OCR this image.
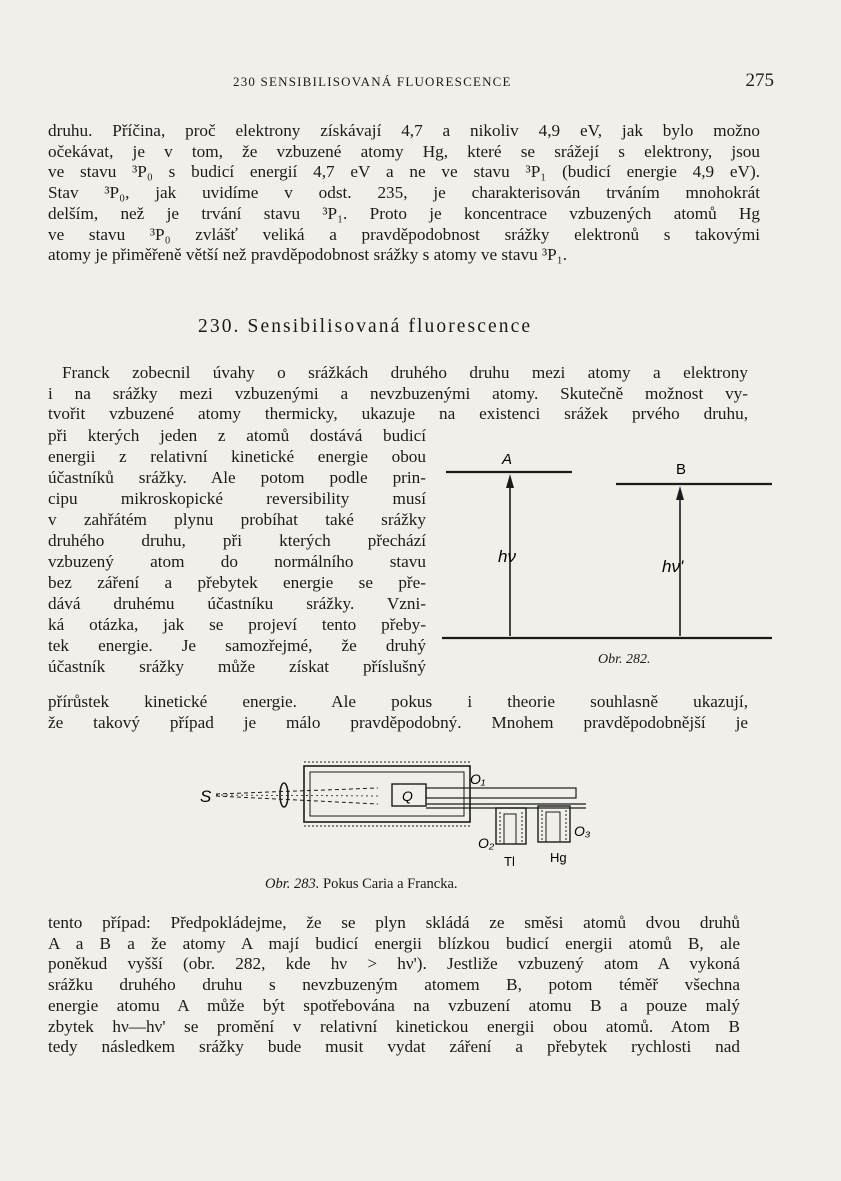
230 SENSIBILISOVANÁ FLUORESCENCE	275
druhu. Příčina, proč elektrony získávají 4,7 a nikoliv 4,9 eV, jak bylo možno
očekávat, je v tom, že vzbuzené atomy Hg, které se srážejí s elektrony, jsou
ve stavu ³P₀ s budicí energií 4,7 eV a ne ve stavu ³P₁ (budicí energie 4,9 eV).
Stav ³P₀, jak uvidíme v odst. 235, je charakterisován trváním mnohokrát
delším, než je trvání stavu ³P₁. Proto je koncentrace vzbuzených atomů Hg
ve stavu ³P₀ zvlášť veliká a pravděpodobnost srážky elektronů s takovými
atomy je přiměřeně větší než pravděpodobnost srážky s atomy ve stavu ³P₁.
230. Sensibilisovaná fluorescence
Franck zobecnil úvahy o srážkách druhého druhu mezi atomy a elektrony
i na srážky mezi vzbuzenými a nevzbuzenými atomy. Skutečně možnost vy-
tvořit vzbuzené atomy thermicky, ukazuje na existenci srážek prvého druhu,
při kterých jeden z atomů dostává budicí
energii z relativní kinetické energie obou
účastníků srážky. Ale potom podle prin-
cipu mikroskopické reversibility musí
v zahřátém plynu probíhat také srážky
druhého druhu, při kterých přechází
vzbuzený atom do normálního stavu
bez záření a přebytek energie se pře-
dává druhému účastníku srážky. Vzni-
ká otázka, jak se projeví tento přeby-
tek energie. Je samozřejmé, že druhý
účastník srážky může získat příslušný
A
B
hν
hν'
Obr. 282.
přírůstek kinetické energie. Ale pokus i theorie souhlasně ukazují,
že takový případ je málo pravděpodobný. Mnohem pravděpodobnější je
S	Q
O₁
O₂
Tl
O₃
Hg
Obr. 283. Pokus Caria a Francka.
tento případ: Předpokládejme, že se plyn skládá ze směsi atomů dvou druhů
A a B a že atomy A mají budicí energii blízkou budicí energii atomů B, ale
poněkud vyšší (obr. 282, kde hν > hν'). Jestliže vzbuzený atom A vykoná
srážku druhého druhu s nevzbuzeným atomem B, potom téměř všechna
energie atomu A může být spotřebována na vzbuzení atomu B a pouze malý
zbytek hν—hν' se promění v relativní kinetickou energii obou atomů. Atom B
tedy následkem srážky bude musit vydat záření a přebytek rychlosti nad
